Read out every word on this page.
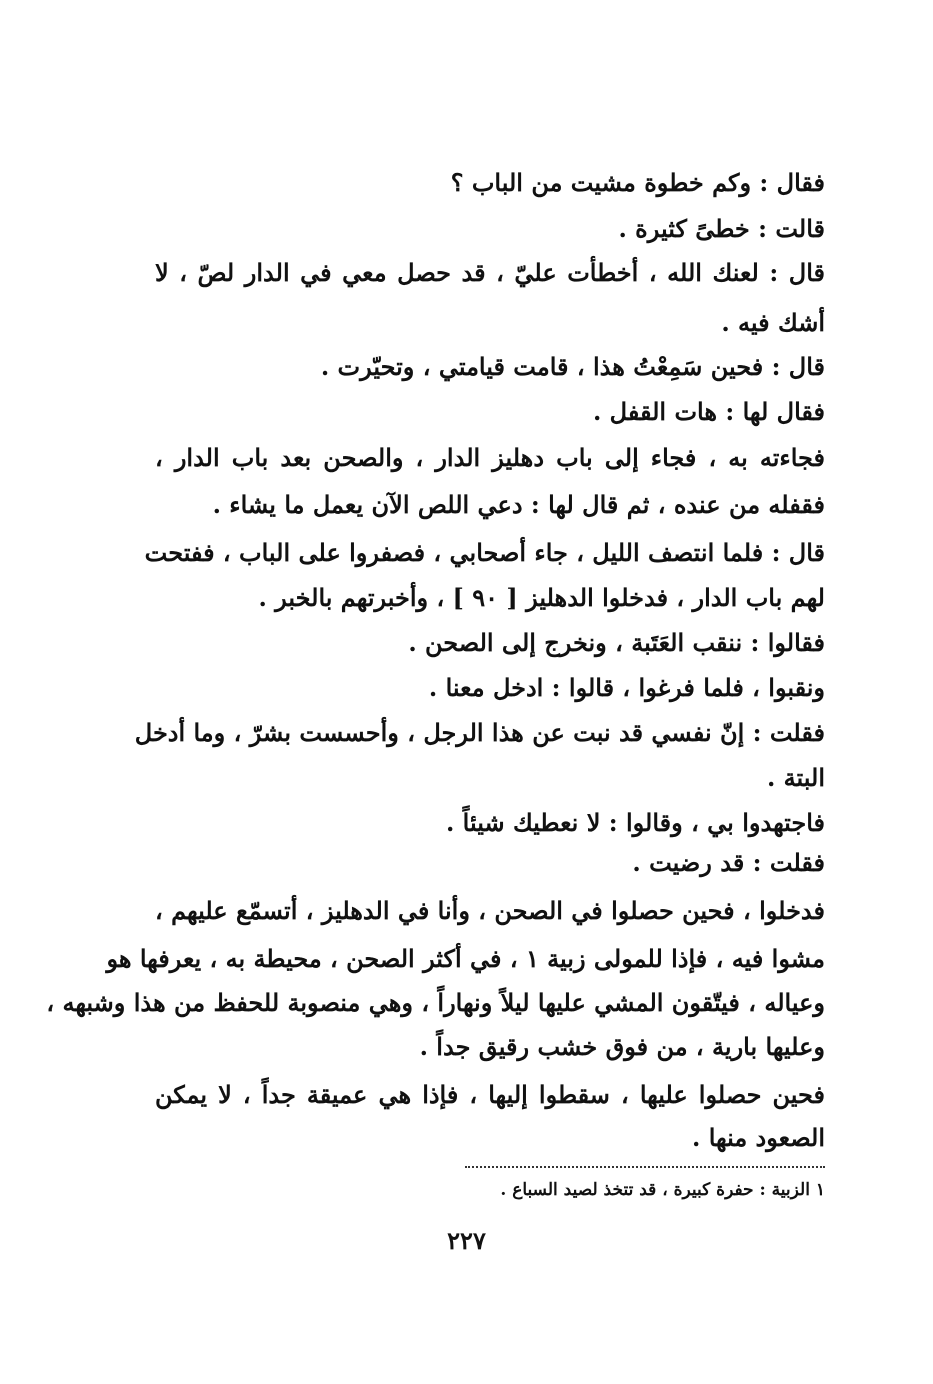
فقال : وكم خطوة مشيت من الباب ؟
قالت : خطىً كثيرة .
قال : لعنك الله ، أخطأت عليّ ، قد حصل معي في الدار لصّ ، لا
أشك فيه .
قال : فحين سَمِعْتُ هذا ، قامت قيامتي ، وتحيّرت .
فقال لها : هات القفل .
فجاءته به ، فجاء إلى باب دهليز الدار ، والصحن بعد باب الدار ،
فقفله من عنده ، ثم قال لها : دعي اللص الآن يعمل ما يشاء .
قال : فلما انتصف الليل ، جاء أصحابي ، فصفروا على الباب ، ففتحت
لهم باب الدار ، فدخلوا الدهليز [ ٩٠ ] ، وأخبرتهم بالخبر .
فقالوا : ننقب العَتَبة ، ونخرج إلى الصحن .
ونقبوا ، فلما فرغوا ، قالوا : ادخل معنا .
فقلت : إنّ نفسي قد نبت عن هذا الرجل ، وأحسست بشرّ ، وما أدخل
البتة .
فاجتهدوا بي ، وقالوا : لا نعطيك شيئاً .
فقلت : قد رضيت .
فدخلوا ، فحين حصلوا في الصحن ، وأنا في الدهليز ، أتسمّع عليهم ،
مشوا فيه ، فإذا للمولى زبية ١ ، في أكثر الصحن ، محيطة به ، يعرفها هو
وعياله ، فيتّقون المشي عليها ليلاً ونهاراً ، وهي منصوبة للحفظ من هذا وشبهه ،
وعليها بارية ، من فوق خشب رقيق جداً .
فحين حصلوا عليها ، سقطوا إليها ، فإذا هي عميقة جداً ، لا يمكن
الصعود منها .
١ الزبية : حفرة كبيرة ، قد تتخذ لصيد السباع .
٢٢٧
